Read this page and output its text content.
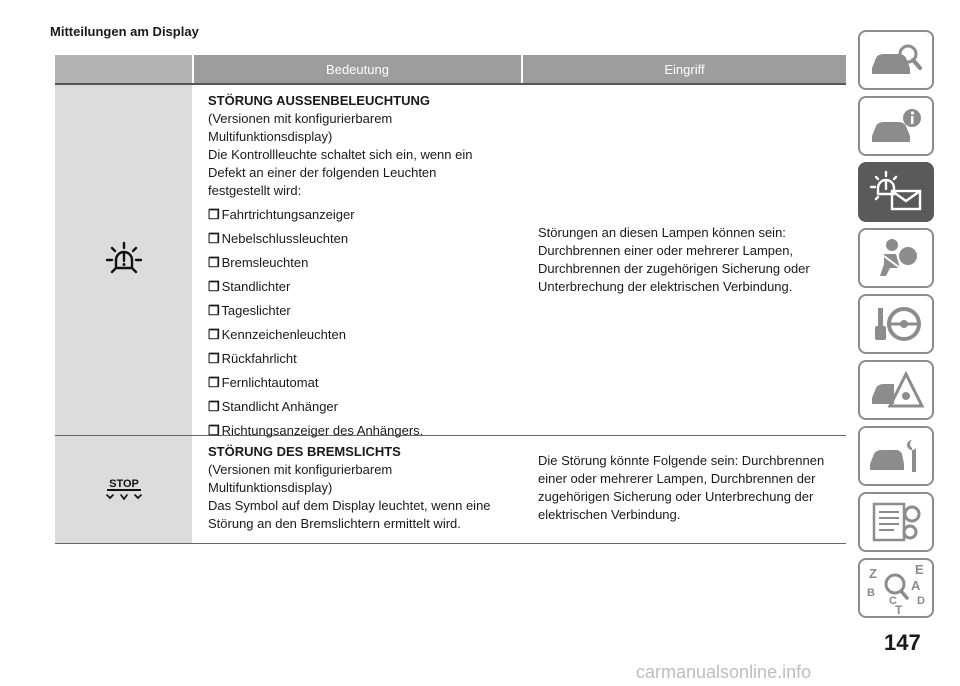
Mitteilungen am Display
Bedeutung	Eingriff
STÖRUNG AUSSENBELEUCHTUNG
(Versionen mit konfigurierbarem
Multifunktionsdisplay)
Die Kontrollleuchte schaltet sich ein, wenn ein
Defekt an einer der folgenden Leuchten
festgestellt wird:
❒ Fahrtrichtungsanzeiger
❒ Nebelschlussleuchten
❒ Bremsleuchten
❒ Standlichter
❒ Tageslichter
❒ Kennzeichenleuchten
❒ Rückfahrlicht
❒ Fernlichtautomat
❒ Standlicht Anhänger
❒ Richtungsanzeiger des Anhängers.
Störungen an diesen Lampen können sein:
Durchbrennen einer oder mehrerer Lampen,
Durchbrennen der zugehörigen Sicherung oder
Unterbrechung der elektrischen Verbindung.
STOP
STÖRUNG DES BREMSLICHTS
(Versionen mit konfigurierbarem
Multifunktionsdisplay)
Das Symbol auf dem Display leuchtet, wenn eine
Störung an den Bremslichtern ermittelt wird.
Die Störung könnte Folgende sein: Durchbrennen
einer oder mehrerer Lampen, Durchbrennen der
zugehörigen Sicherung oder Unterbrechung der
elektrischen Verbindung.
Z	E
A
B
C D
T
147
carmanualsonline.info
